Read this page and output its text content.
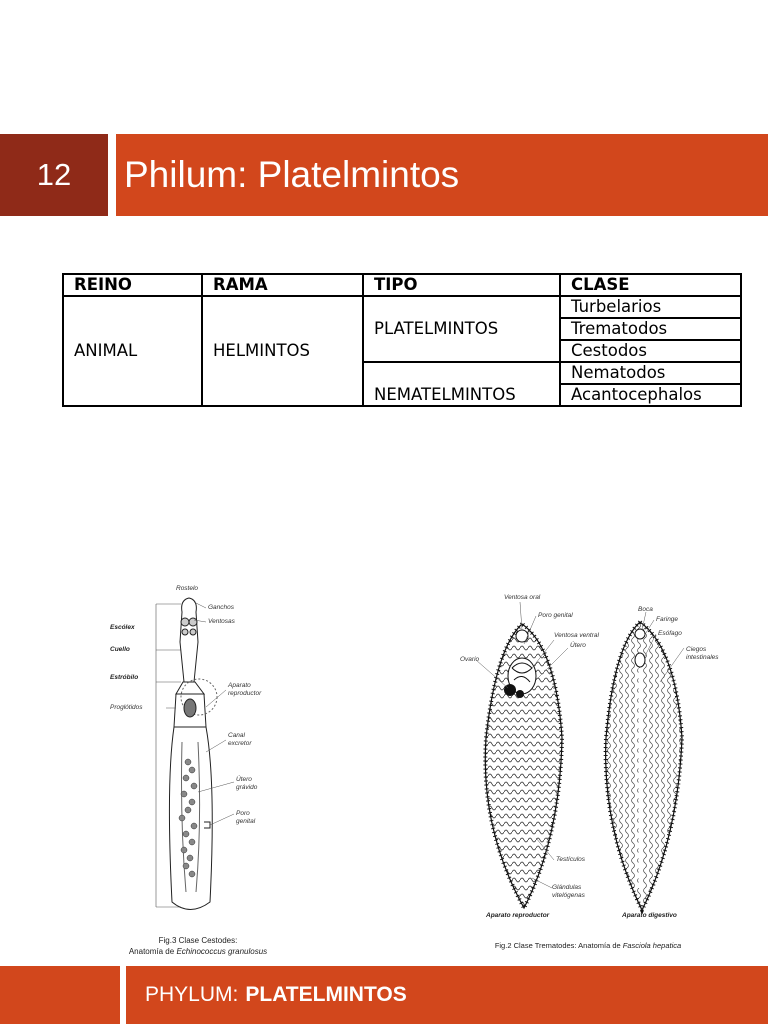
12	Philum: Platelmintos
REINO	RAMA	TIPO	CLASE
ANIMAL	HELMINTOS	PLATELMINTOS	Turbelarios
			Trematodos
			Cestodos
		NEMATELMINTOS	Nematodos
			Acantocephalos
Rostelo
Ganchos
Ventosas
Escólex
Cuello
Estróbilo
Proglótidos
Aparato
reproductor
Canal
excretor
Útero
grávido
Poro
genital
Fig.3 Clase Cestodes:
Anatomía de Echinococcus granulosus
Ventosa oral
Poro genital
Ventosa ventral
Útero
Ovario
Testículos
Glándulas
vitelógenas
Boca
Faringe
Esófago
Ciegos
intestinales
Aparato reproductor	Aparato digestivo
Fig.2 Clase Trematodes: Anatomía de Fasciola hepatica
PHYLUM: PLATELMINTOS
